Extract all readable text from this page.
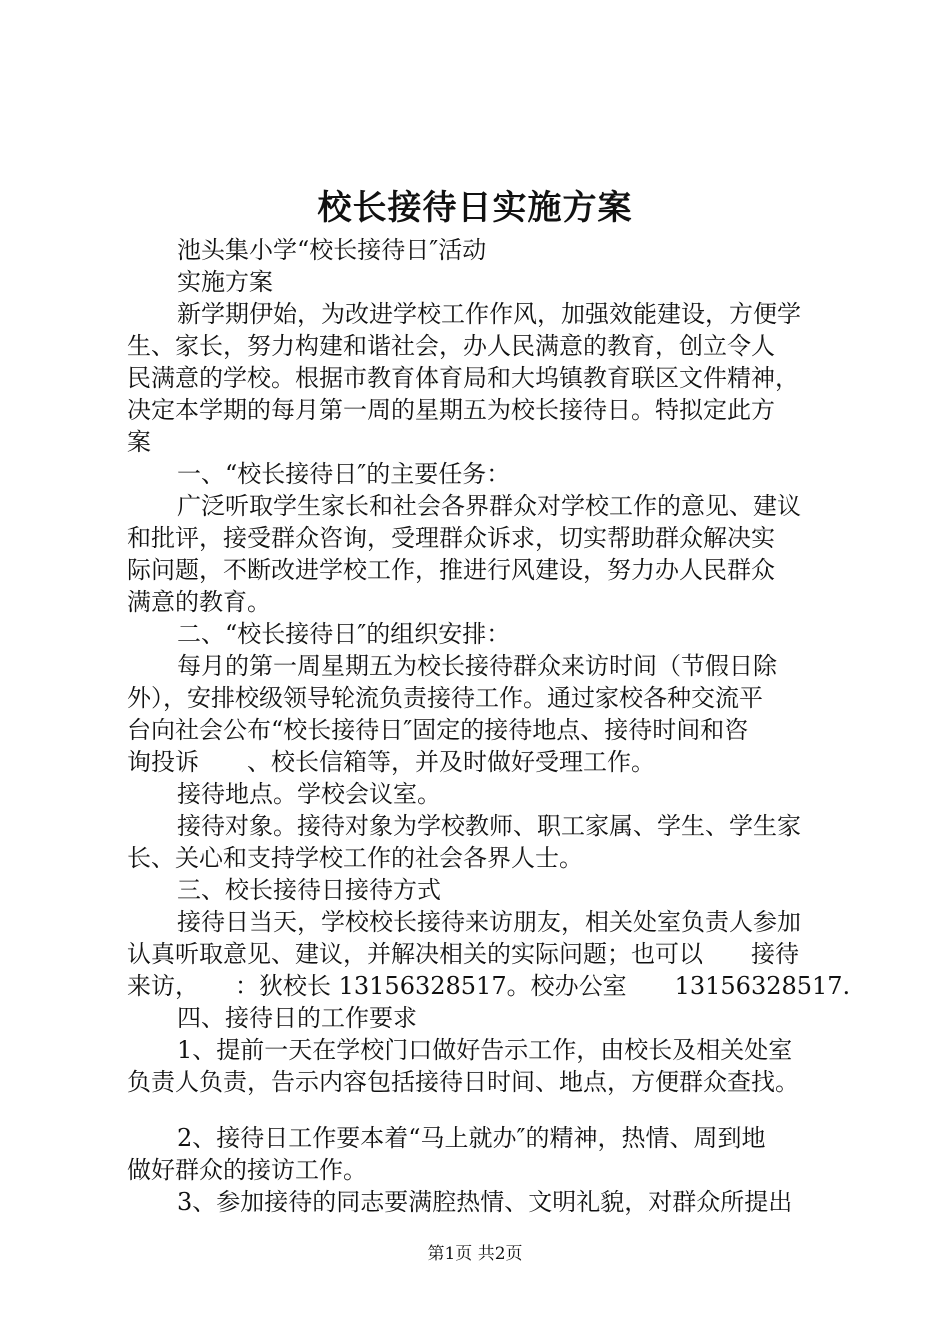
校长接待日实施方案
池头集小学“校长接待日″活动
实施方案
新学期伊始，为改进学校工作作风，加强效能建设，方便学
生、家长，努力构建和谐社会，办人民满意的教育，创立令人
民满意的学校。根据市教育体育局和大坞镇教育联区文件精神，
决定本学期的每月第一周的星期五为校长接待日。特拟定此方
案
一、“校长接待日″的主要任务：
广泛听取学生家长和社会各界群众对学校工作的意见、建议
和批评，接受群众咨询，受理群众诉求，切实帮助群众解决实
际问题，不断改进学校工作，推进行风建设，努力办人民群众
满意的教育。
二、“校长接待日″的组织安排：
每月的第一周星期五为校长接待群众来访时间（节假日除
外），安排校级领导轮流负责接待工作。通过家校各种交流平
台向社会公布“校长接待日″固定的接待地点、接待时间和咨
询投诉　　、校长信箱等，并及时做好受理工作。
接待地点。学校会议室。
接待对象。接待对象为学校教师、职工家属、学生、学生家
长、关心和支持学校工作的社会各界人士。
三、校长接待日接待方式
接待日当天，学校校长接待来访朋友，相关处室负责人参加
认真听取意见、建议，并解决相关的实际问题；也可以　　接待
来访，　　：狄校长 13156328517。校办公室　　13156328517.
四、接待日的工作要求
1、提前一天在学校门口做好告示工作，由校长及相关处室
负责人负责，告示内容包括接待日时间、地点，方便群众查找。
2、接待日工作要本着“马上就办″的精神，热情、周到地
做好群众的接访工作。
3、参加接待的同志要满腔热情、文明礼貌，对群众所提出
第1页 共2页
